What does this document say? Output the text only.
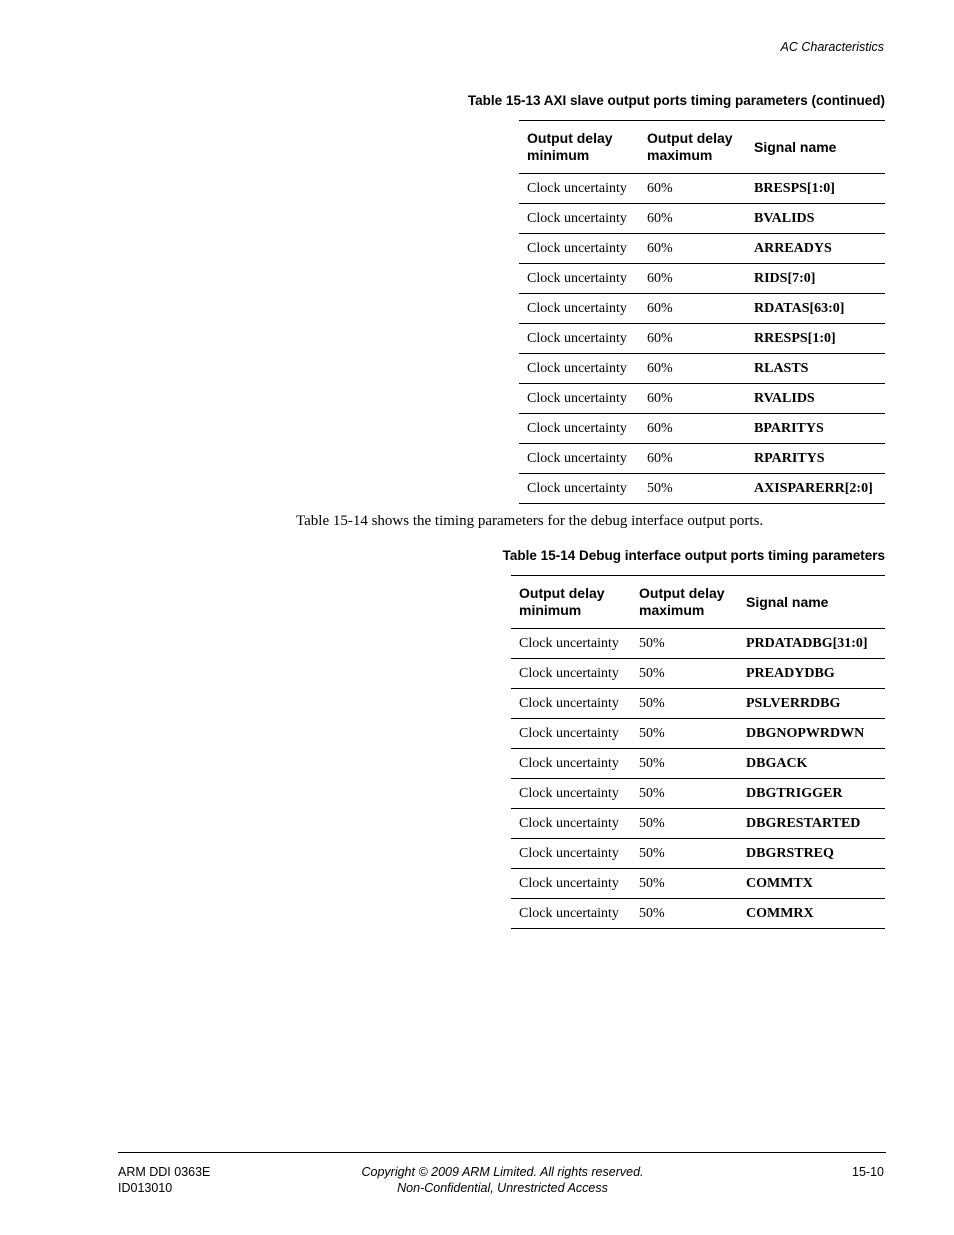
AC Characteristics
Table 15-13 AXI slave output ports timing parameters (continued)
Output delay minimum	Output delay maximum	Signal name
Clock uncertainty	60%	BRESPS[1:0]
Clock uncertainty	60%	BVALIDS
Clock uncertainty	60%	ARREADYS
Clock uncertainty	60%	RIDS[7:0]
Clock uncertainty	60%	RDATAS[63:0]
Clock uncertainty	60%	RRESPS[1:0]
Clock uncertainty	60%	RLASTS
Clock uncertainty	60%	RVALIDS
Clock uncertainty	60%	BPARITYS
Clock uncertainty	60%	RPARITYS
Clock uncertainty	50%	AXISPARERR[2:0]
Table 15-14 shows the timing parameters for the debug interface output ports.
Table 15-14 Debug interface output ports timing parameters
Output delay minimum	Output delay maximum	Signal name
Clock uncertainty	50%	PRDATADBG[31:0]
Clock uncertainty	50%	PREADYDBG
Clock uncertainty	50%	PSLVERRDBG
Clock uncertainty	50%	DBGNOPWRDWN
Clock uncertainty	50%	DBGACK
Clock uncertainty	50%	DBGTRIGGER
Clock uncertainty	50%	DBGRESTARTED
Clock uncertainty	50%	DBGRSTREQ
Clock uncertainty	50%	COMMTX
Clock uncertainty	50%	COMMRX
ARM DDI 0363E
ID013010
Copyright © 2009 ARM Limited. All rights reserved.
Non-Confidential, Unrestricted Access
15-10
